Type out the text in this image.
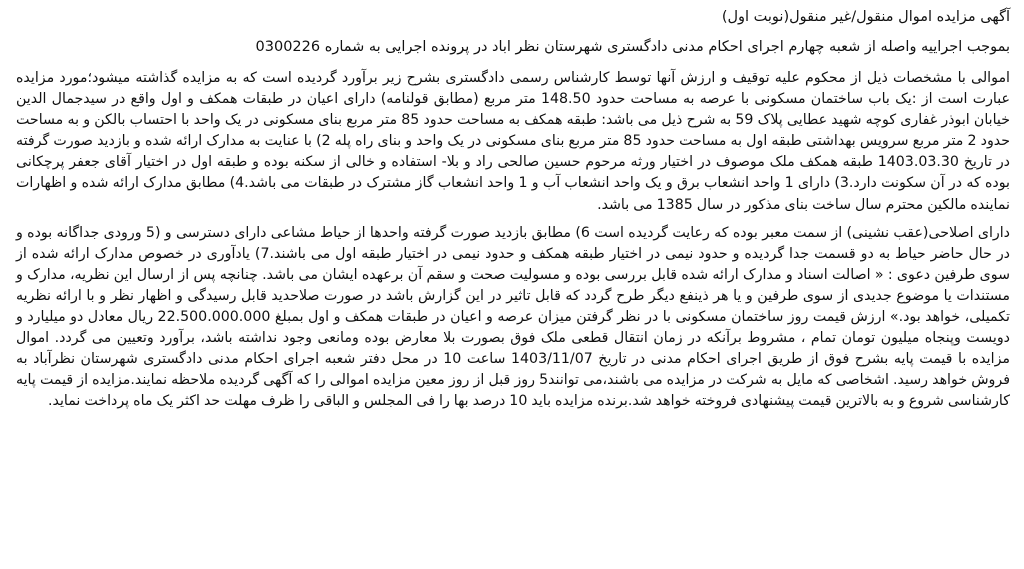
آگهی مزایده اموال منقول/غیر منقول(نوبت اول)
بموجب اجراییه واصله از شعبه چهارم اجرای احکام مدنی دادگستری شهرستان نظر اباد در پرونده اجرایی به شماره 0300226

اموالی با مشخصات ذیل از محکوم علیه توقیف و ارزش آنها توسط کارشناس رسمی دادگستری بشرح زیر برآورد گردیده است که به مزایده گذاشته میشود؛مورد مزایده عبارت است از :یک باب ساختمان مسکونی با عرصه به مساحت حدود 148.50 متر مربع (مطابق قولنامه) دارای اعیان در طبقات همکف و اول واقع در سیدجمال الدین خیابان ابوذر غفاری کوچه شهید عطایی پلاک 59 به شرح ذیل می باشد: طبقه همکف به مساحت حدود 85 متر مربع بنای مسکونی در یک واحد با احتساب بالکن و به مساحت حدود 2 متر مربع سرویس بهداشتی طبقه اول به مساحت حدود 85 متر مربع بنای مسکونی در یک واحد و بنای راه پله 2) با عنایت به مدارک ارائه شده و بازدید صورت گرفته در تاریخ 1403.03.30 طبقه همکف ملک موصوف در اختیار ورثه مرحوم حسین صالحی راد و بلا- استفاده و خالی از سکنه بوده و طبقه اول در اختیار آقای جعفر پرچکانی بوده که در آن سکونت دارد.3) دارای 1 واحد انشعاب برق و یک واحد انشعاب آب و 1 واحد انشعاب گاز مشترک در طبقات می باشد.4) مطابق مدارک ارائه شده و اظهارات نماینده مالکین محترم سال ساخت بنای مذکور در سال 1385 می باشد.

دارای اصلاحی(عقب نشینی) از سمت معبر بوده که رعایت گردیده است 6) مطابق بازدید صورت گرفته واحدها از حیاط مشاعی دارای دسترسی و (5 ورودی جداگانه بوده و در حال حاضر حیاط به دو قسمت جدا گردیده و حدود نیمی در اختیار طبقه همکف و حدود نیمی در اختیار طبقه اول می باشند.7) یادآوری در خصوص مدارک ارائه شده از سوی طرفین دعوی : « اصالت اسناد و مدارک ارائه شده قابل بررسی بوده و مسولیت صحت و سقم آن برعهده ایشان می باشد. چنانچه پس از ارسال این نظریه، مدارک و مستندات یا موضوع جدیدی از سوی طرفین و یا هر ذینفع دیگر طرح گردد که قابل تاثیر در این گزارش باشد در صورت صلاحدید قابل رسیدگی و اظهار نظر و با ارائه نظریه تکمیلی، خواهد بود.» ارزش قیمت روز ساختمان مسکونی با در نظر گرفتن میزان عرصه و اعیان در طبقات همکف و اول بمبلغ 22.500.000.000 ریال معادل دو میلیارد و دویست وپنجاه میلیون تومان تمام ، مشروط برآنکه در زمان انتقال قطعی ملک فوق بصورت بلا معارض بوده ومانعی وجود نداشته باشد، برآورد وتعیین می گردد. اموال مزایده با قیمت پایه بشرح فوق از طریق اجرای احکام مدنی در تاریخ 1403/11/07 ساعت 10 در محل دفتر شعبه اجرای احکام مدنی دادگستری شهرستان نظرآباد به فروش خواهد رسید. اشخاصی که مایل به شرکت در مزایده می باشند،می توانند5 روز قبل از روز معین مزایده اموالی را که آگهی گردیده ملاحظه نمایند.مزایده از قیمت پایه کارشناسی شروع و به بالاترین قیمت پیشنهادی فروخته خواهد شد.برنده مزایده باید 10 درصد بها را فی المجلس و الباقی را ظرف مهلت حد اکثر یک ماه پرداخت نماید.
